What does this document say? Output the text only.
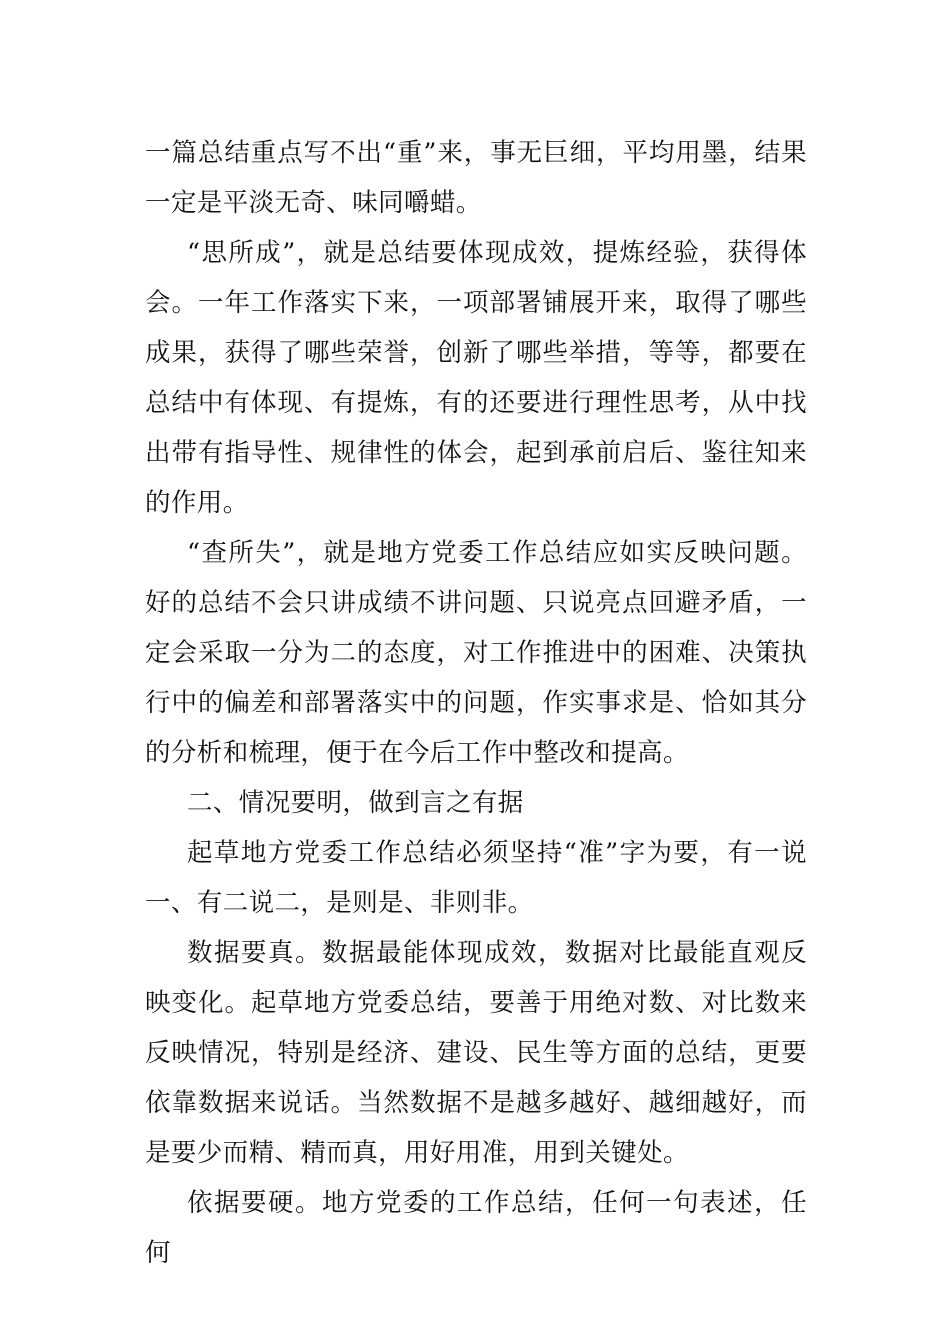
一篇总结重点写不出“重”来，事无巨细，平均用墨，结果一定是平淡无奇、味同嚼蜡。

“思所成”，就是总结要体现成效，提炼经验，获得体会。一年工作落实下来，一项部署铺展开来，取得了哪些成果，获得了哪些荣誉，创新了哪些举措，等等，都要在总结中有体现、有提炼，有的还要进行理性思考，从中找出带有指导性、规律性的体会，起到承前启后、鉴往知来的作用。

“查所失”，就是地方党委工作总结应如实反映问题。好的总结不会只讲成绩不讲问题、只说亮点回避矛盾，一定会采取一分为二的态度，对工作推进中的困难、决策执行中的偏差和部署落实中的问题，作实事求是、恰如其分的分析和梳理，便于在今后工作中整改和提高。

二、情况要明，做到言之有据

起草地方党委工作总结必须坚持“准”字为要，有一说一、有二说二，是则是、非则非。

数据要真。数据最能体现成效，数据对比最能直观反映变化。起草地方党委总结，要善于用绝对数、对比数来反映情况，特别是经济、建设、民生等方面的总结，更要依靠数据来说话。当然数据不是越多越好、越细越好，而是要少而精、精而真，用好用准，用到关键处。

依据要硬。地方党委的工作总结，任何一句表述，任何
